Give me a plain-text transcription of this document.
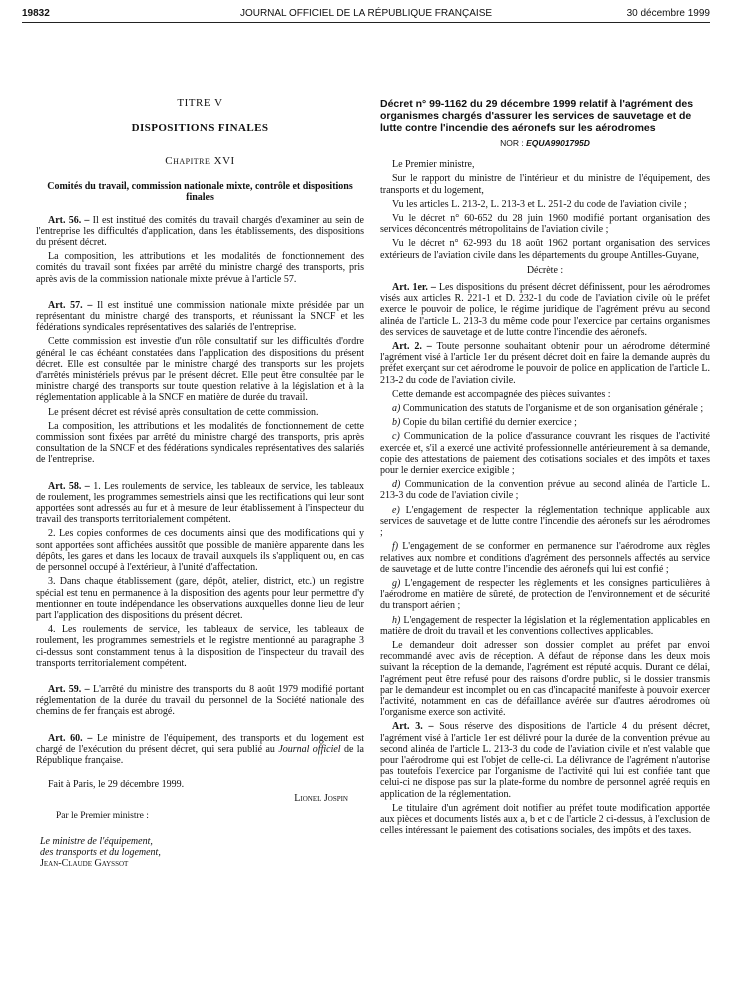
19832	JOURNAL OFFICIEL DE LA RÉPUBLIQUE FRANÇAISE	30 décembre 1999
TITRE V
DISPOSITIONS FINALES
Chapitre XVI
Comités du travail, commission nationale mixte, contrôle et dispositions finales

Art. 56. – Il est institué des comités du travail chargés d'examiner au sein de l'entreprise les difficultés d'application, dans les établissements, des dispositions du présent décret.

La composition, les attributions et les modalités de fonctionnement des comités du travail sont fixées par arrêté du ministre chargé des transports, pris après avis de la commission nationale mixte prévue à l'article 57.

Art. 57. – Il est institué une commission nationale mixte présidée par un représentant du ministre chargé des transports, et réunissant la SNCF et les fédérations syndicales représentatives des salariés de l'entreprise.

Cette commission est investie d'un rôle consultatif sur les difficultés d'ordre général le cas échéant constatées dans l'application des dispositions du présent décret. Elle est consultée par le ministre chargé des transports sur les projets d'arrêtés ministériels prévus par le présent décret. Elle peut être consultée par le ministre chargé des transports sur toute question relative à la législation et à la réglementation applicable à la SNCF en matière de durée du travail.

Le présent décret est révisé après consultation de cette commission.

La composition, les attributions et les modalités de fonctionnement de cette commission sont fixées par arrêté du ministre chargé des transports, pris après consultation de la SNCF et des fédérations syndicales représentatives des salariés de l'entreprise.

Art. 58. – 1. Les roulements de service, les tableaux de service, les tableaux de roulement, les programmes semestriels ainsi que les rectifications qui leur sont apportées sont adressés au fur et à mesure de leur établissement à l'inspecteur du travail des transports territorialement compétent.

2. Les copies conformes de ces documents ainsi que des modifications qui y sont apportées sont affichées aussitôt que possible de manière apparente dans les dépôts, les gares et dans les locaux de travail auxquels ils s'appliquent ou, en cas de personnel occupé à l'extérieur, à l'unité d'affectation.

3. Dans chaque établissement (gare, dépôt, atelier, district, etc.) un registre spécial est tenu en permanence à la disposition des agents pour leur permettre d'y mentionner en toute indépendance les observations auxquelles donne lieu de leur part l'application des dispositions du présent décret.

4. Les roulements de service, les tableaux de service, les tableaux de roulement, les programmes semestriels et le registre mentionné au paragraphe 3 ci-dessus sont constamment tenus à la disposition de l'inspecteur du travail des transports territorialement compétent.

Art. 59. – L'arrêté du ministre des transports du 8 août 1979 modifié portant réglementation de la durée du travail du personnel de la Société nationale des chemins de fer français est abrogé.

Art. 60. – Le ministre de l'équipement, des transports et du logement est chargé de l'exécution du présent décret, qui sera publié au Journal officiel de la République française.

Fait à Paris, le 29 décembre 1999.

Lionel Jospin
Par le Premier ministre :
Le ministre de l'équipement,
des transports et du logement,
Jean-Claude Gayssot

Décret n° 99-1162 du 29 décembre 1999 relatif à l'agrément des organismes chargés d'assurer les services de sauvetage et de lutte contre l'incendie des aéronefs sur les aérodromes

NOR : EQUA9901795D

Le Premier ministre,

Sur le rapport du ministre de l'intérieur et du ministre de l'équipement, des transports et du logement,

Vu les articles L. 213-2, L. 213-3 et L. 251-2 du code de l'aviation civile ;

Vu le décret n° 60-652 du 28 juin 1960 modifié portant organisation des services déconcentrés métropolitains de l'aviation civile ;

Vu le décret n° 62-993 du 18 août 1962 portant organisation des services extérieurs de l'aviation civile dans les départements du groupe Antilles-Guyane,

Décrète :

Art. 1er. – Les dispositions du présent décret définissent, pour les aérodromes visés aux articles R. 221-1 et D. 232-1 du code de l'aviation civile où le préfet exerce le pouvoir de police, le régime juridique de l'agrément prévu au second alinéa de l'article L. 213-3 du même code pour l'exercice par certains organismes des services de sauvetage et de lutte contre l'incendie des aéronefs.

Art. 2. – Toute personne souhaitant obtenir pour un aérodrome déterminé l'agrément visé à l'article 1er du présent décret doit en faire la demande auprès du préfet exerçant sur cet aérodrome le pouvoir de police en application de l'article L. 213-2 du code de l'aviation civile.

Cette demande est accompagnée des pièces suivantes :

a) Communication des statuts de l'organisme et de son organisation générale ;

b) Copie du bilan certifié du dernier exercice ;

c) Communication de la police d'assurance couvrant les risques de l'activité exercée et, s'il a exercé une activité professionnelle antérieurement à sa demande, copie des attestations de paiement des cotisations sociales et des impôts et taxes pour le dernier exercice exigible ;

d) Communication de la convention prévue au second alinéa de l'article L. 213-3 du code de l'aviation civile ;

e) L'engagement de respecter la réglementation technique applicable aux services de sauvetage et de lutte contre l'incendie des aéronefs sur les aérodromes ;

f) L'engagement de se conformer en permanence sur l'aérodrome aux règles relatives aux nombre et conditions d'agrément des personnels affectés au service de sauvetage et de lutte contre l'incendie des aéronefs qui lui est confié ;

g) L'engagement de respecter les règlements et les consignes particulières à l'aérodrome en matière de sûreté, de protection de l'environnement et de sécurité du transport aérien ;

h) L'engagement de respecter la législation et la réglementation applicables en matière de droit du travail et les conventions collectives applicables.

Le demandeur doit adresser son dossier complet au préfet par envoi recommandé avec avis de réception. A défaut de réponse dans les deux mois suivant la réception de la demande, l'agrément est réputé acquis. Durant ce délai, l'agrément peut être refusé pour des raisons d'ordre public, si le dossier transmis par le demandeur est incomplet ou en cas d'incapacité manifeste à pouvoir exercer l'activité, notamment en cas de défaillance avérée sur d'autres aérodromes où l'organisme exerce son activité.

Art. 3. – Sous réserve des dispositions de l'article 4 du présent décret, l'agrément visé à l'article 1er est délivré pour la durée de la convention prévue au second alinéa de l'article L. 213-3 du code de l'aviation civile et n'est valable que pour l'aérodrome qui est l'objet de celle-ci. La délivrance de l'agrément n'autorise pas toutefois l'exercice par l'organisme de l'activité qui lui est confiée tant que celui-ci ne dispose pas sur la plate-forme du nombre de personnel agréé requis en application de la réglementation.

Le titulaire d'un agrément doit notifier au préfet toute modification apportée aux pièces et documents listés aux a, b et c de l'article 2 ci-dessus, à l'exclusion de celles intéressant le paiement des cotisations sociales, des impôts et des taxes.
